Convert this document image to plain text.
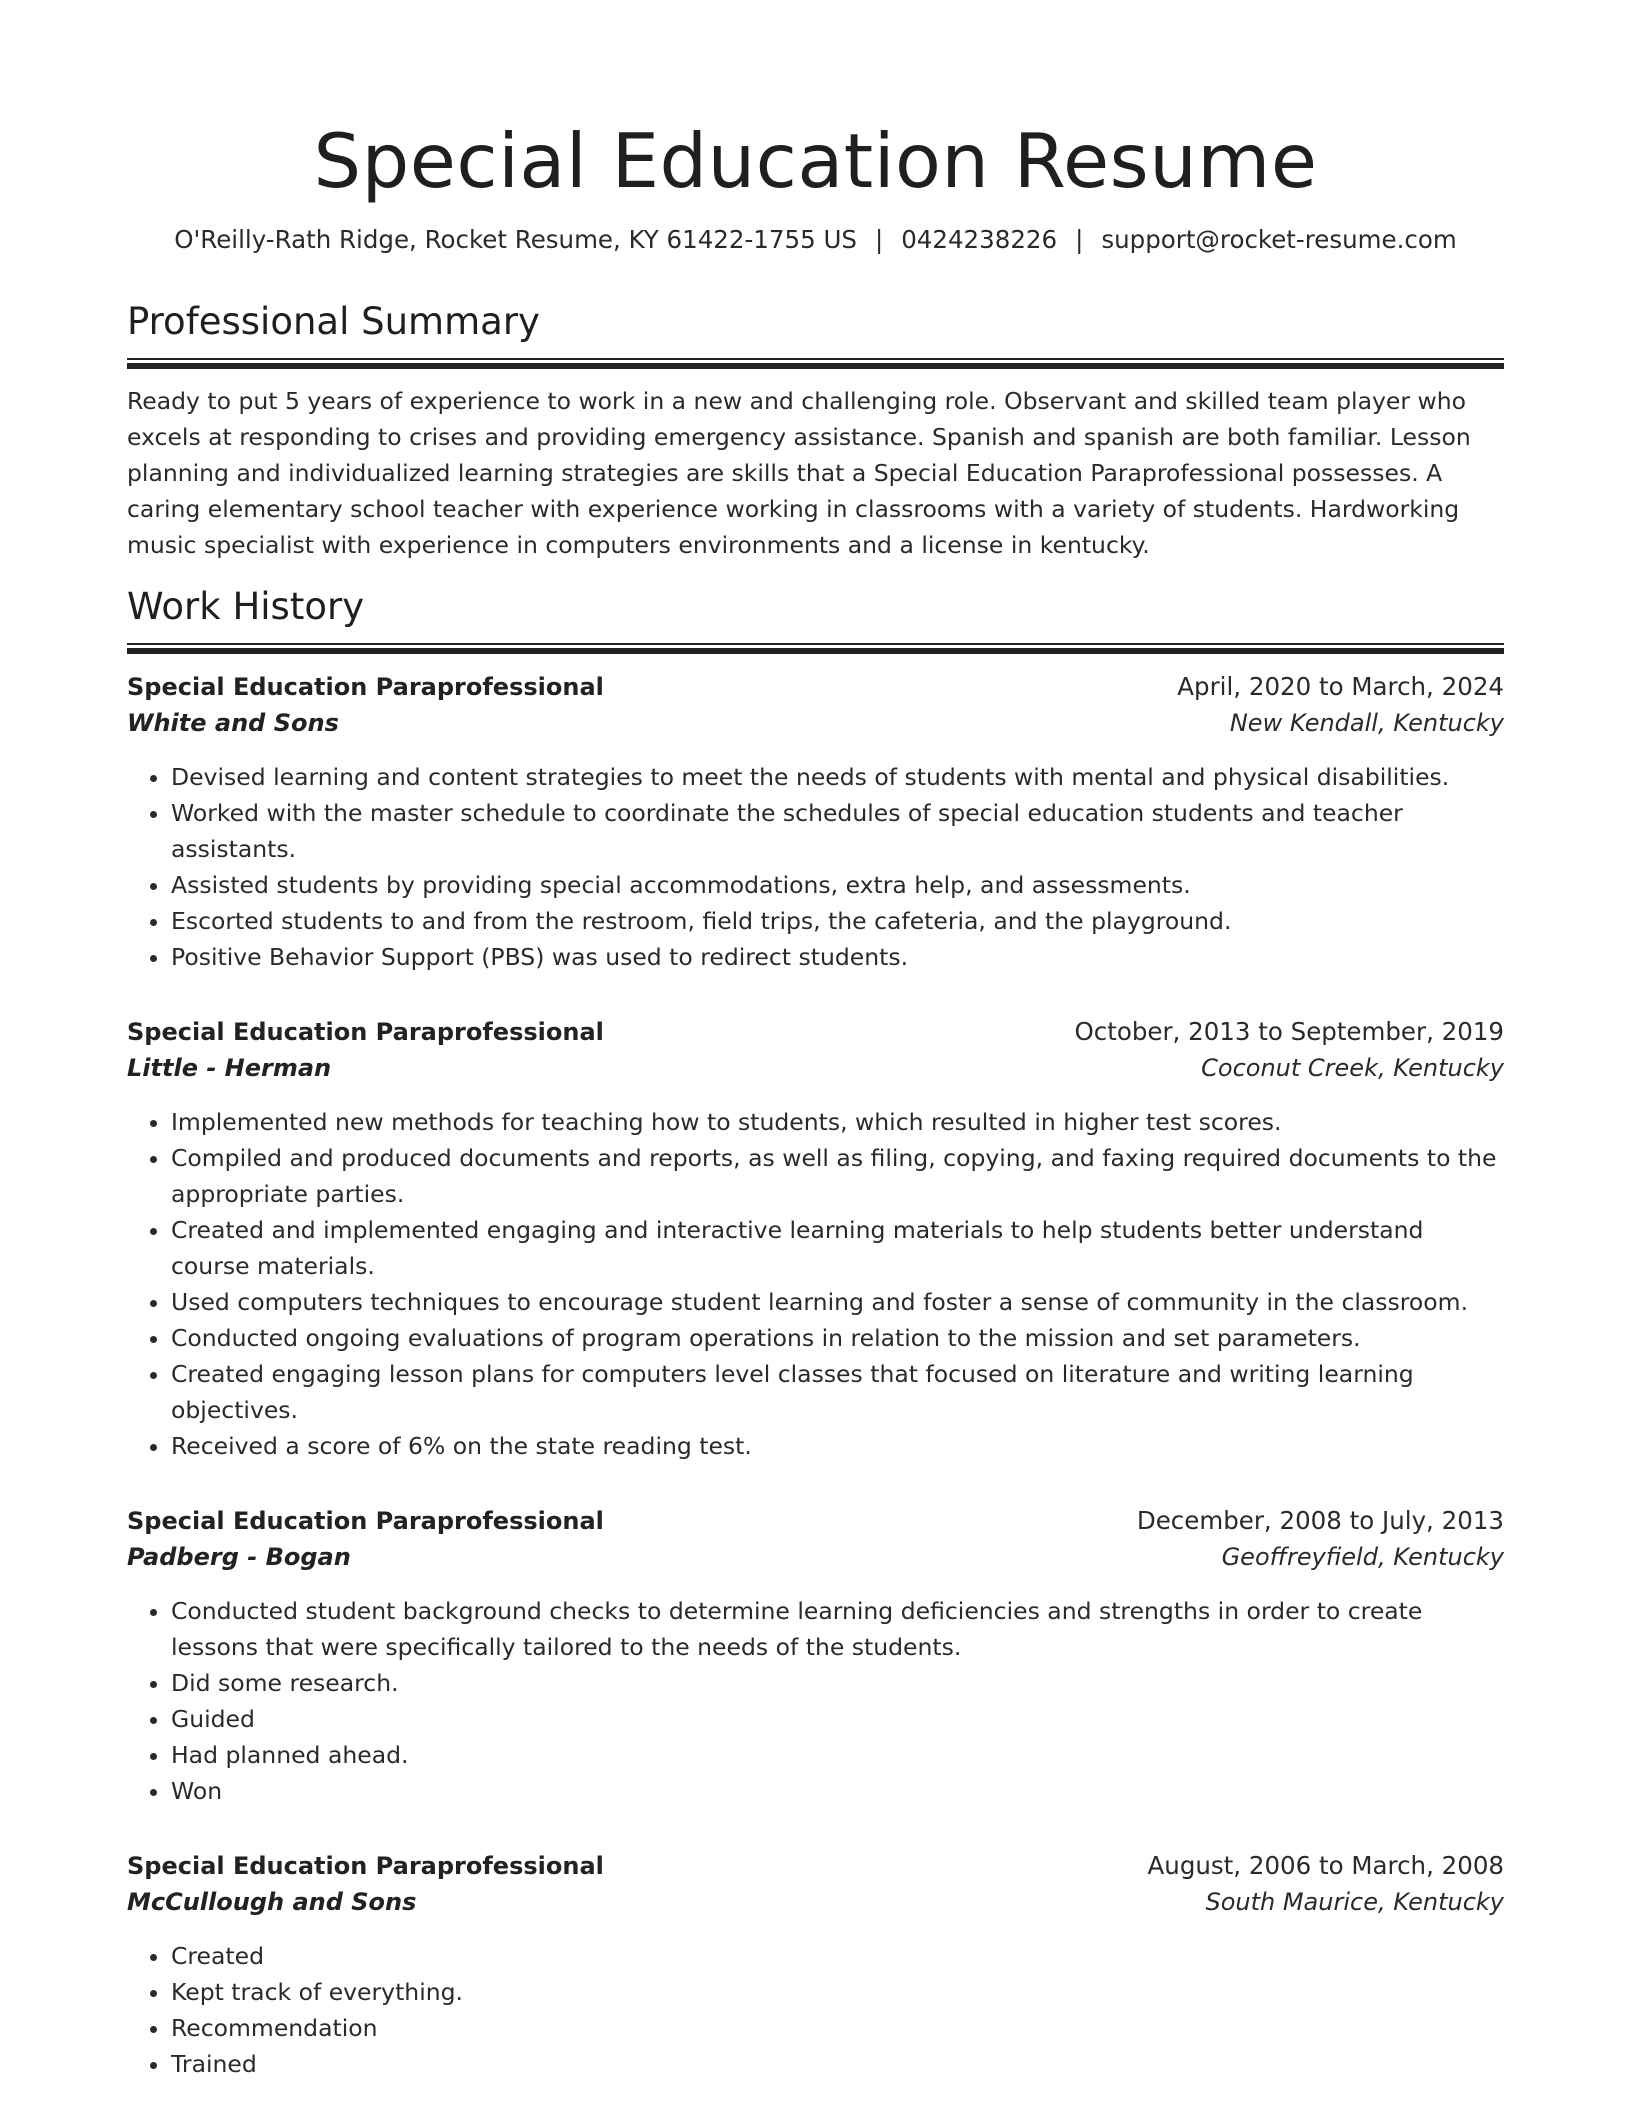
Special Education Resume
O'Reilly-Rath Ridge, Rocket Resume, KY 61422-1755 US | 0424238226 | support@rocket-resume.com
Professional Summary

Ready to put 5 years of experience to work in a new and challenging role. Observant and skilled team player who excels at responding to crises and providing emergency assistance. Spanish and spanish are both familiar. Lesson planning and individualized learning strategies are skills that a Special Education Paraprofessional possesses. A caring elementary school teacher with experience working in classrooms with a variety of students. Hardworking music specialist with experience in computers environments and a license in kentucky.

Work History
Special Education Paraprofessional	April, 2020 to March, 2024
White and Sons	New Kendall, Kentucky
• Devised learning and content strategies to meet the needs of students with mental and physical disabilities.
• Worked with the master schedule to coordinate the schedules of special education students and teacher assistants.
• Assisted students by providing special accommodations, extra help, and assessments.
• Escorted students to and from the restroom, field trips, the cafeteria, and the playground.
• Positive Behavior Support (PBS) was used to redirect students.
Special Education Paraprofessional	October, 2013 to September, 2019
Little - Herman	Coconut Creek, Kentucky
• Implemented new methods for teaching how to students, which resulted in higher test scores.
• Compiled and produced documents and reports, as well as filing, copying, and faxing required documents to the appropriate parties.
• Created and implemented engaging and interactive learning materials to help students better understand course materials.
• Used computers techniques to encourage student learning and foster a sense of community in the classroom.
• Conducted ongoing evaluations of program operations in relation to the mission and set parameters.
• Created engaging lesson plans for computers level classes that focused on literature and writing learning objectives.
• Received a score of 6% on the state reading test.
Special Education Paraprofessional	December, 2008 to July, 2013
Padberg - Bogan	Geoffreyfield, Kentucky
• Conducted student background checks to determine learning deficiencies and strengths in order to create lessons that were specifically tailored to the needs of the students.
• Did some research.
• Guided
• Had planned ahead.
• Won
Special Education Paraprofessional	August, 2006 to March, 2008
McCullough and Sons	South Maurice, Kentucky
• Created
• Kept track of everything.
• Recommendation
• Trained
